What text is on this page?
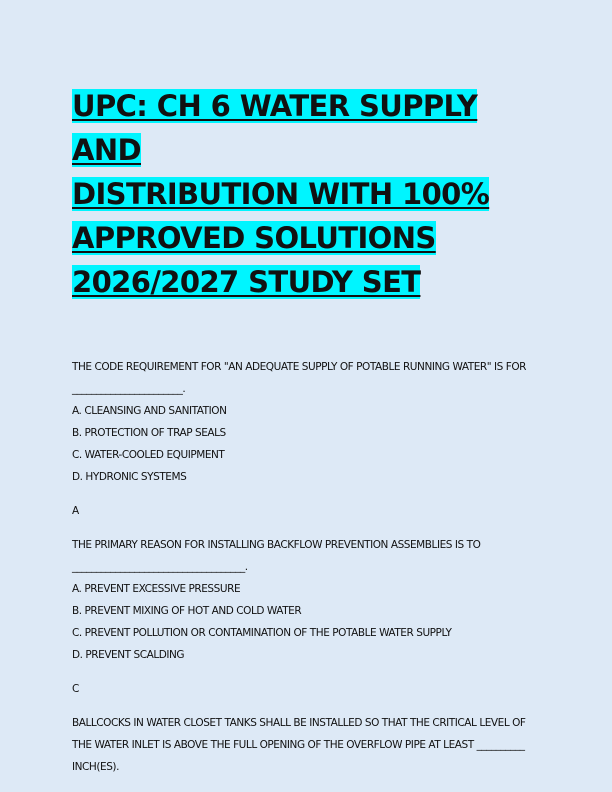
UPC: CH 6 WATER SUPPLY AND
DISTRIBUTION WITH 100%
APPROVED SOLUTIONS
2026/2027 STUDY SET
THE CODE REQUIREMENT FOR "AN ADEQUATE SUPPLY OF POTABLE RUNNING WATER" IS FOR
_______________________.
A. CLEANSING AND SANITATION
B. PROTECTION OF TRAP SEALS
C. WATER-COOLED EQUIPMENT
D. HYDRONIC SYSTEMS
A
THE PRIMARY REASON FOR INSTALLING BACKFLOW PREVENTION ASSEMBLIES IS TO
____________________________________.
A. PREVENT EXCESSIVE PRESSURE
B. PREVENT MIXING OF HOT AND COLD WATER
C. PREVENT POLLUTION OR CONTAMINATION OF THE POTABLE WATER SUPPLY
D. PREVENT SCALDING
C
BALLCOCKS IN WATER CLOSET TANKS SHALL BE INSTALLED SO THAT THE CRITICAL LEVEL OF
THE WATER INLET IS ABOVE THE FULL OPENING OF THE OVERFLOW PIPE AT LEAST __________
INCH(ES).
